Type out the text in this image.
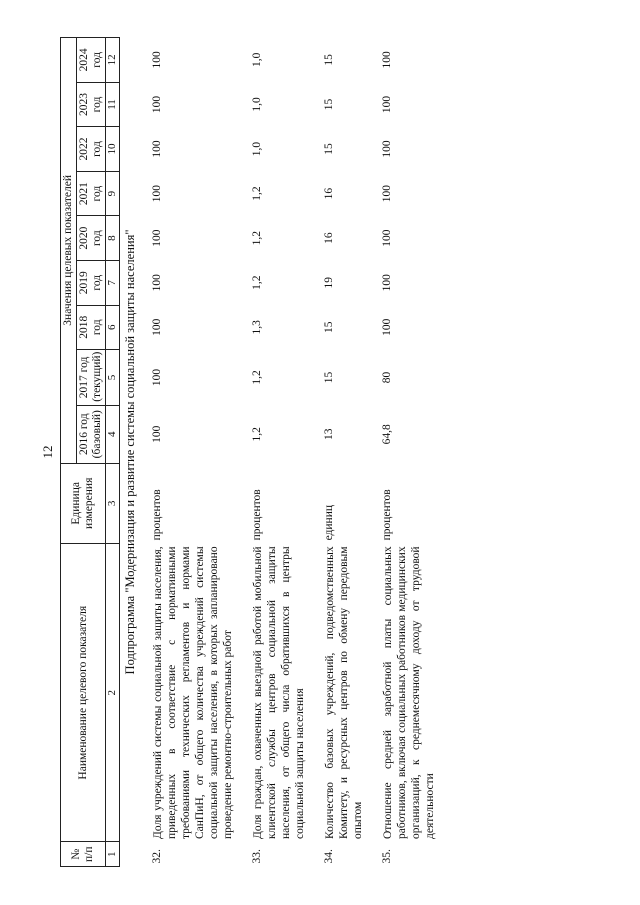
12
№ п/п	Наименование целевого показателя	Единица измерения	Значения целевых показателей								
			2016 год (базовый)	2017 год (текущий)	2018 год	2019 год	2020 год	2021 год	2022 год	2023 год	2024 год
1	2	3	4	5	6	7	8	9	10	11	12
Подпрограмма "Модернизация и развитие системы социальной защиты населения"											
32.	Доля учреждений системы социальной защиты населения, приведенных в соответствие с нормативными требованиями технических регламентов и нормами СанПиН, от общего количества учреждений системы социальной защиты населения, в которых запланировано проведение ремонтно-строительных работ	процентов	100	100	100	100	100	100	100	100	100
33.	Доля граждан, охваченных выездной работой мобильной клиентской службы центров социальной защиты населения, от общего числа обратившихся в центры социальной защиты населения	процентов	1,2	1,2	1,3	1,2	1,2	1,2	1,0	1,0	1,0
34.	Количество базовых учреждений, подведомственных Комитету, и ресурсных центров по обмену передовым опытом	единиц	13	15	15	19	16	16	15	15	15
35.	Отношение средней заработной платы социальных работников, включая социальных работников медицинских организаций, к среднемесячному доходу от трудовой деятельности	процентов	64,8	80	100	100	100	100	100	100	100
